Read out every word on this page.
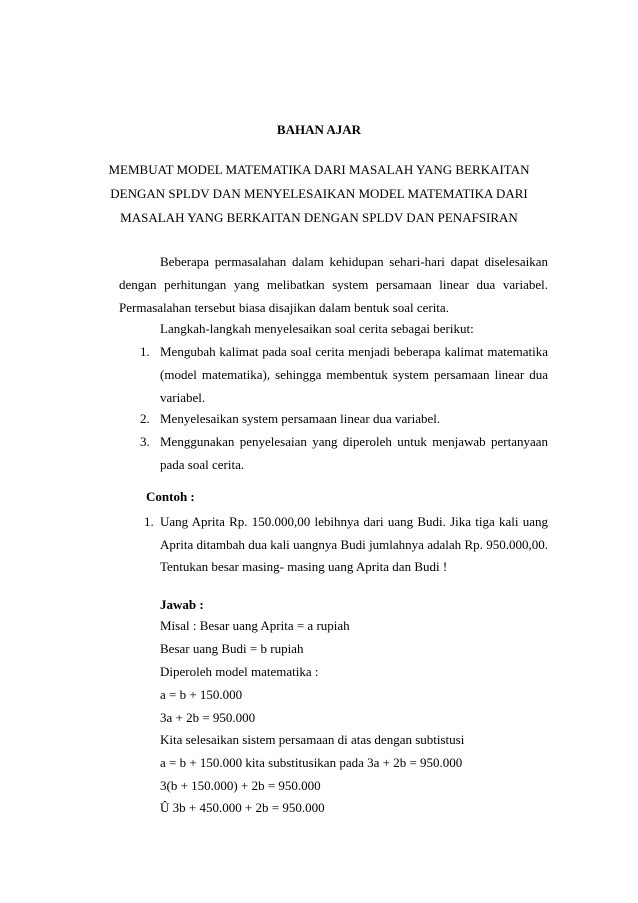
BAHAN AJAR
MEMBUAT MODEL MATEMATIKA DARI MASALAH YANG BERKAITAN
DENGAN SPLDV DAN MENYELESAIKAN MODEL MATEMATIKA DARI
MASALAH YANG BERKAITAN DENGAN SPLDV DAN PENAFSIRAN
Beberapa permasalahan dalam kehidupan sehari-hari dapat diselesaikan
dengan perhitungan yang melibatkan system persamaan linear dua variabel.
Permasalahan tersebut biasa disajikan dalam bentuk soal cerita.
Langkah-langkah menyelesaikan soal cerita sebagai berikut:
1. Mengubah kalimat pada soal cerita menjadi beberapa kalimat matematika
(model matematika), sehingga membentuk system persamaan linear dua
variabel.
2. Menyelesaikan system persamaan linear dua variabel.
3. Menggunakan penyelesaian yang diperoleh untuk menjawab pertanyaan
pada soal cerita.
Contoh :
1. Uang Aprita Rp. 150.000,00 lebihnya dari uang Budi. Jika tiga kali uang
Aprita ditambah dua kali uangnya Budi jumlahnya adalah Rp. 950.000,00.
Tentukan besar masing- masing uang Aprita dan Budi !
Jawab :
Misal : Besar uang Aprita = a rupiah
Besar uang Budi = b rupiah
Diperoleh model matematika :
a = b + 150.000
3a + 2b = 950.000
Kita selesaikan sistem persamaan di atas dengan subtistusi
a = b + 150.000 kita substitusikan pada 3a + 2b = 950.000
3(b + 150.000) + 2b = 950.000
Û 3b + 450.000 + 2b = 950.000
